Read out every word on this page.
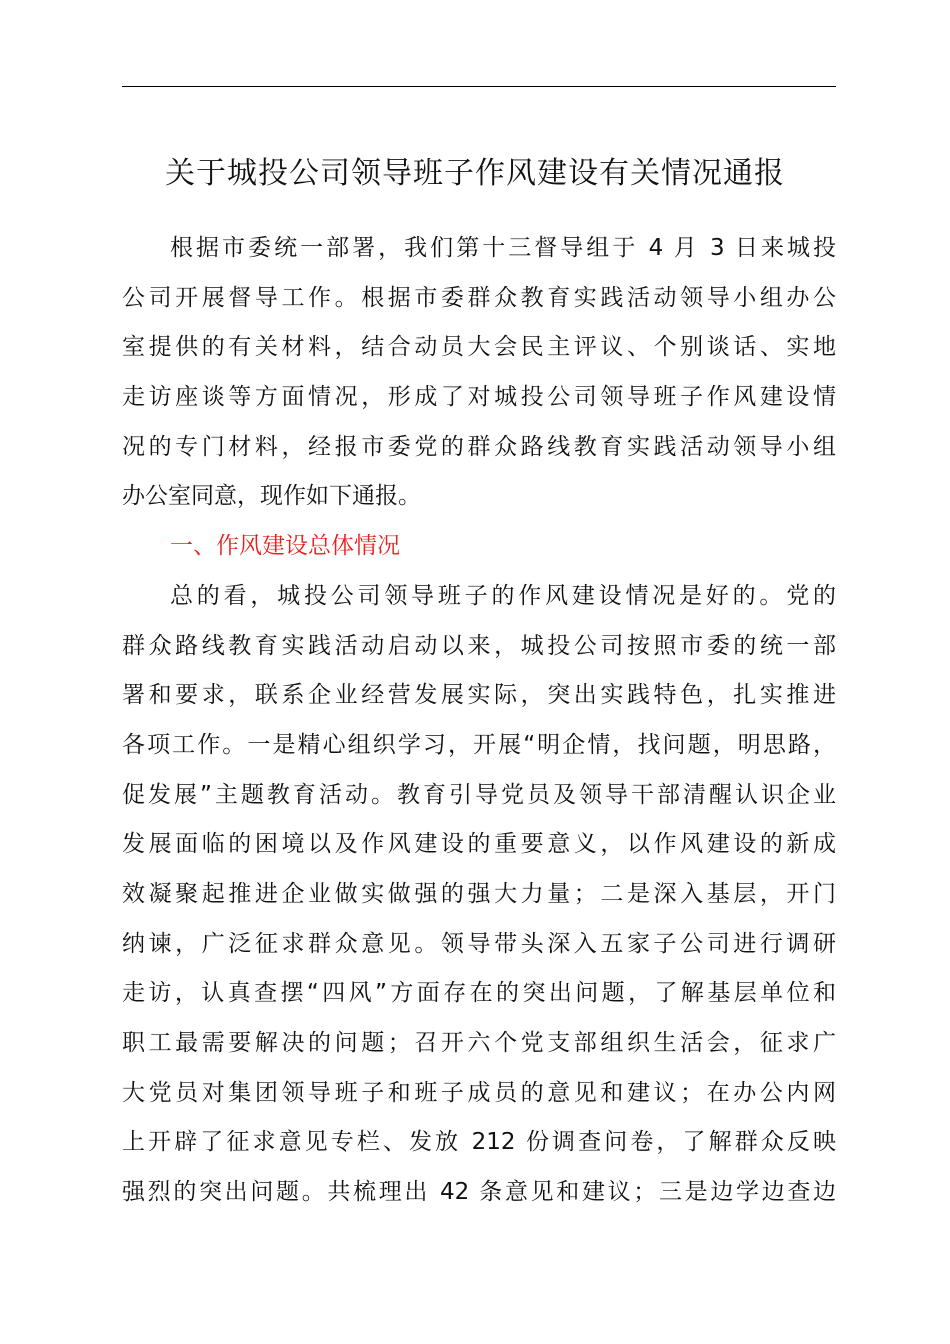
关于城投公司领导班子作风建设有关情况通报
根据市委统一部署，我们第十三督导组于 4 月 3 日来城投
公司开展督导工作。根据市委群众教育实践活动领导小组办公
室提供的有关材料，结合动员大会民主评议、个别谈话、实地
走访座谈等方面情况，形成了对城投公司领导班子作风建设情
况的专门材料，经报市委党的群众路线教育实践活动领导小组
办公室同意，现作如下通报。
一、作风建设总体情况
总的看，城投公司领导班子的作风建设情况是好的。党的
群众路线教育实践活动启动以来，城投公司按照市委的统一部
署和要求，联系企业经营发展实际，突出实践特色，扎实推进
各项工作。一是精心组织学习，开展“明企情，找问题，明思路，
促发展”主题教育活动。教育引导党员及领导干部清醒认识企业
发展面临的困境以及作风建设的重要意义，以作风建设的新成
效凝聚起推进企业做实做强的强大力量；二是深入基层，开门
纳谏，广泛征求群众意见。领导带头深入五家子公司进行调研
走访，认真查摆“四风”方面存在的突出问题，了解基层单位和
职工最需要解决的问题；召开六个党支部组织生活会，征求广
大党员对集团领导班子和班子成员的意见和建议；在办公内网
上开辟了征求意见专栏、发放 212 份调查问卷，了解群众反映
强烈的突出问题。共梳理出 42 条意见和建议；三是边学边查边
